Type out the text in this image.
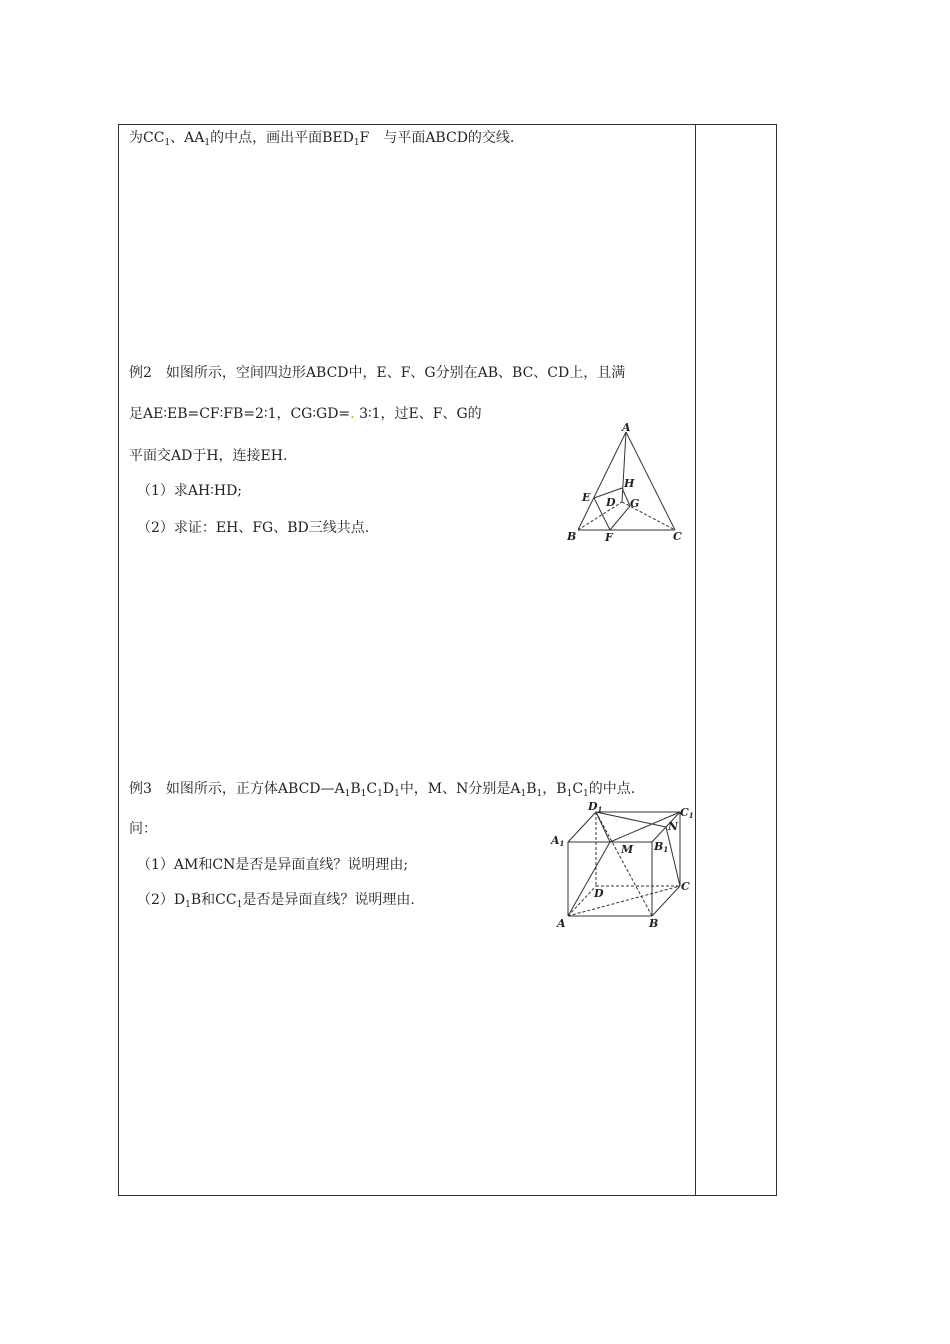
为$CC_1$、$AA_1$的中点，画出平面$BED_1F$　与平面ABCD的交线.
例2　如图所示，空间四边形ABCD中，E、F、G分别在AB、BC、CD上，且满
足AE∶EB=CF∶FB=2∶1，CG∶GD=. 3∶1，过E、F、G的
平面交AD于H，连接EH.
（1）求AH∶HD;
（2）求证：EH、FG、BD三线共点.
A
B	C
D
E
F
G
H
例3　如图所示，正方体$ABCD—A_1B_1C_1D_1$中，M、N分别是$A_1B_1$，$B_1C_1$的中点.
问：
（1）AM和CN是否是异面直线？说明理由;
$(2)D_1B$和$CC_1$是否是异面直线？说明理由.
D1	C1
A1	B1
N
M
D
C
A	B
